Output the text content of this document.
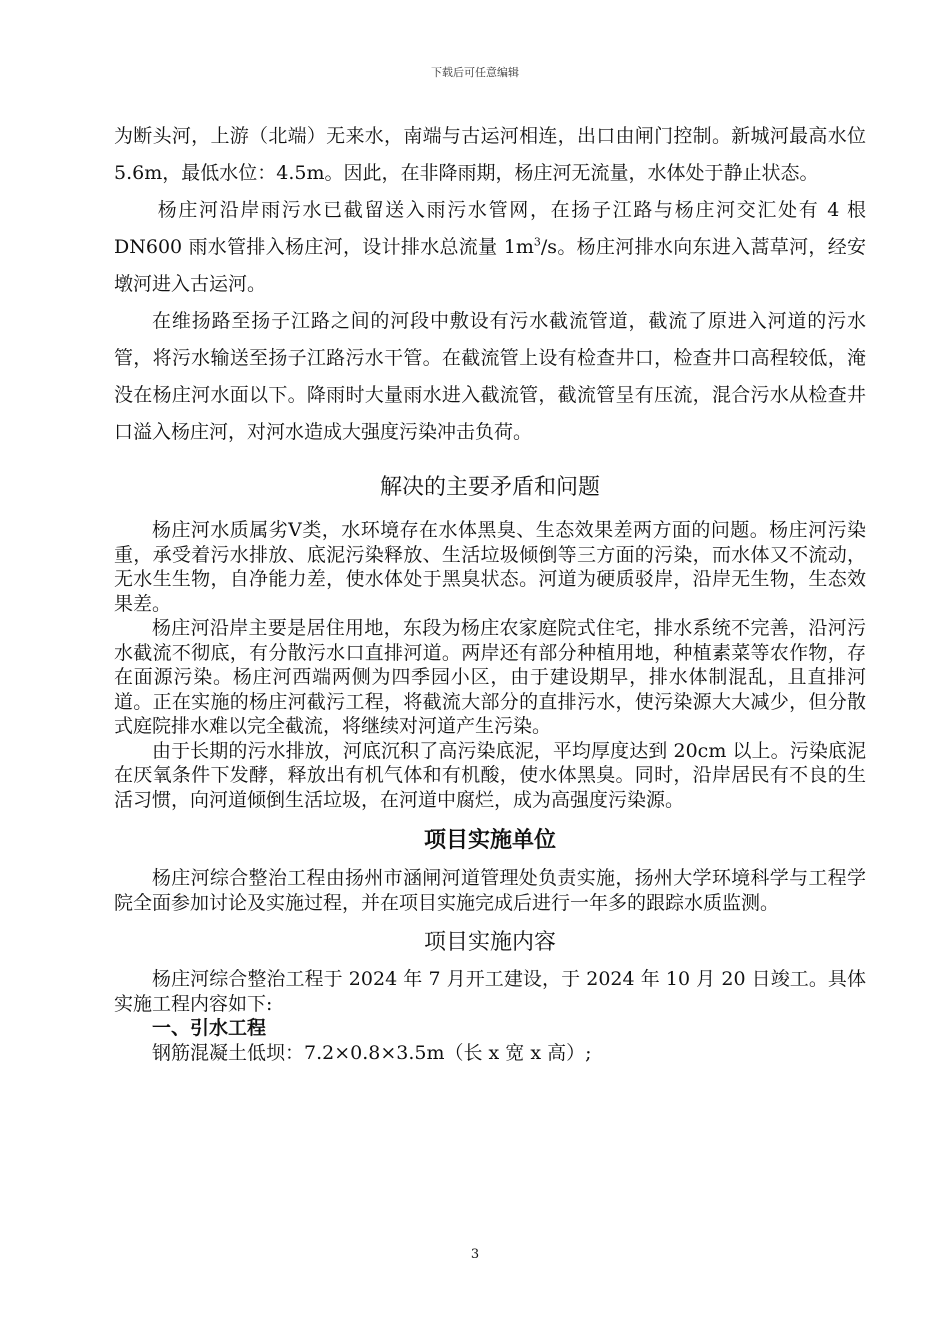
下载后可任意编辑

为断头河，上游（北端）无来水，南端与古运河相连，出口由闸门控制。新城河最高水位 5.6m，最低水位：4.5m。因此，在非降雨期，杨庄河无流量，水体处于静止状态。

杨庄河沿岸雨污水已截留送入雨污水管网，在扬子江路与杨庄河交汇处有 4 根 DN600 雨水管排入杨庄河，设计排水总流量 $1m^3/s$。杨庄河排水向东进入蒿草河，经安墩河进入古运河。

在维扬路至扬子江路之间的河段中敷设有污水截流管道，截流了原进入河道的污水管，将污水输送至扬子江路污水干管。在截流管上设有检查井口，检查井口高程较低，淹没在杨庄河水面以下。降雨时大量雨水进入截流管，截流管呈有压流，混合污水从检查井口溢入杨庄河，对河水造成大强度污染冲击负荷。

解决的主要矛盾和问题

杨庄河水质属劣Ⅴ类，水环境存在水体黑臭、生态效果差两方面的问题。杨庄河污染重，承受着污水排放、底泥污染释放、生活垃圾倾倒等三方面的污染，而水体又不流动，无水生生物，自净能力差，使水体处于黑臭状态。河道为硬质驳岸，沿岸无生物，生态效果差。

杨庄河沿岸主要是居住用地，东段为杨庄农家庭院式住宅，排水系统不完善，沿河污水截流不彻底，有分散污水口直排河道。两岸还有部分种植用地，种植素菜等农作物，存在面源污染。杨庄河西端两侧为四季园小区，由于建设期早，排水体制混乱，且直排河道。正在实施的杨庄河截污工程，将截流大部分的直排污水，使污染源大大减少，但分散式庭院排水难以完全截流，将继续对河道产生污染。

由于长期的污水排放，河底沉积了高污染底泥，平均厚度达到 20cm 以上。污染底泥在厌氧条件下发酵，释放出有机气体和有机酸，使水体黑臭。同时，沿岸居民有不良的生活习惯，向河道倾倒生活垃圾，在河道中腐烂，成为高强度污染源。

项目实施单位

杨庄河综合整治工程由扬州市涵闸河道管理处负责实施，扬州大学环境科学与工程学院全面参加讨论及实施过程，并在项目实施完成后进行一年多的跟踪水质监测。

项目实施内容

杨庄河综合整治工程于 2024 年 7 月开工建设，于 2024 年 10 月 20 日竣工。具体实施工程内容如下:

一、引水工程

钢筋混凝土低坝：7.2×0.8×3.5m（长 x 宽 x 高）;

3
